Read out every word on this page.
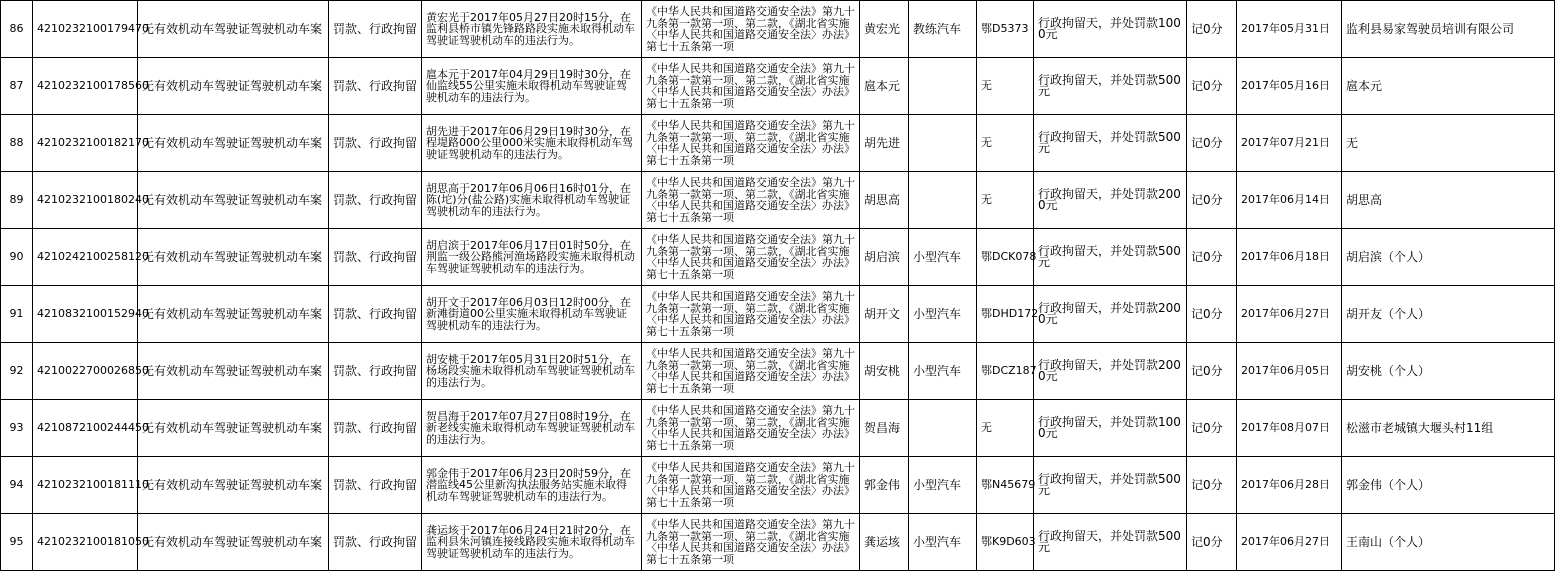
86	4210232100179470	无有效机动车驾驶证驾驶机动车案	罚款、行政拘留	黄宏光于2017年05月27日20时15分，在监利县桥市镇先锋路路段实施未取得机动车驾驶证驾驶机动车的违法行为。	《中华人民共和国道路交通安全法》第九十九条第一款第一项、第二款，《湖北省实施〈中华人民共和国道路交通安全法〉办法》第七十五条第一项	黄宏光	教练汽车	鄂D5373	行政拘留天，并处罚款1000元	记0分	2017年05月31日	监利县易家驾驶员培训有限公司
87	4210232100178560	无有效机动车驾驶证驾驶机动车案	罚款、行政拘留	扈本元于2017年04月29日19时30分，在仙监线55公里实施未取得机动车驾驶证驾驶机动车的违法行为。	《中华人民共和国道路交通安全法》第九十九条第一款第一项、第二款，《湖北省实施〈中华人民共和国道路交通安全法〉办法》第七十五条第一项	扈本元		无	行政拘留天，并处罚款500元	记0分	2017年05月16日	扈本元
88	4210232100182170	无有效机动车驾驶证驾驶机动车案	罚款、行政拘留	胡先进于2017年06月29日19时30分，在程堤路000公里000米实施未取得机动车驾驶证驾驶机动车的违法行为。	《中华人民共和国道路交通安全法》第九十九条第一款第一项、第二款，《湖北省实施〈中华人民共和国道路交通安全法〉办法》第七十五条第一项	胡先进		无	行政拘留天，并处罚款500元	记0分	2017年07月21日	无
89	4210232100180240	无有效机动车驾驶证驾驶机动车案	罚款、行政拘留	胡思高于2017年06月06日16时01分，在陈(坨)分(盐公路)实施未取得机动车驾驶证驾驶机动车的违法行为。	《中华人民共和国道路交通安全法》第九十九条第一款第一项、第二款，《湖北省实施〈中华人民共和国道路交通安全法〉办法》第七十五条第一项	胡思高		无	行政拘留天，并处罚款2000元	记0分	2017年06月14日	胡思高
90	4210242100258120	无有效机动车驾驶证驾驶机动车案	罚款、行政拘留	胡启滨于2017年06月17日01时50分，在荆监一级公路熊河渔场路段实施未取得机动车驾驶证驾驶机动车的违法行为。	《中华人民共和国道路交通安全法》第九十九条第一款第一项、第二款，《湖北省实施〈中华人民共和国道路交通安全法〉办法》第七十五条第一项	胡启滨	小型汽车	鄂DCK078	行政拘留天，并处罚款500元	记0分	2017年06月18日	胡启滨（个人）
91	4210832100152940	无有效机动车驾驶证驾驶机动车案	罚款、行政拘留	胡开文于2017年06月03日12时00分，在新滩街道00公里实施未取得机动车驾驶证驾驶机动车的违法行为。	《中华人民共和国道路交通安全法》第九十九条第一款第一项、第二款，《湖北省实施〈中华人民共和国道路交通安全法〉办法》第七十五条第一项	胡开文	小型汽车	鄂DHD172	行政拘留天，并处罚款2000元	记0分	2017年06月27日	胡开友（个人）
92	4210022700026850	无有效机动车驾驶证驾驶机动车案	罚款、行政拘留	胡安桃于2017年05月31日20时51分，在杨场段实施未取得机动车驾驶证驾驶机动车的违法行为。	《中华人民共和国道路交通安全法》第九十九条第一款第一项、第二款，《湖北省实施〈中华人民共和国道路交通安全法〉办法》第七十五条第一项	胡安桃	小型汽车	鄂DCZ187	行政拘留天，并处罚款2000元	记0分	2017年06月05日	胡安桃（个人）
93	4210872100244450	无有效机动车驾驶证驾驶机动车案	罚款、行政拘留	贺昌海于2017年07月27日08时19分，在新老线实施未取得机动车驾驶证驾驶机动车的违法行为。	《中华人民共和国道路交通安全法》第九十九条第一款第一项、第二款，《湖北省实施〈中华人民共和国道路交通安全法〉办法》第七十五条第一项	贺昌海		无	行政拘留天，并处罚款1000元	记0分	2017年08月07日	松滋市老城镇大堰头村11组
94	4210232100181110	无有效机动车驾驶证驾驶机动车案	罚款、行政拘留	郭金伟于2017年06月23日20时59分，在潜监线45公里新沟执法服务站实施未取得机动车驾驶证驾驶机动车的违法行为。	《中华人民共和国道路交通安全法》第九十九条第一款第一项、第二款，《湖北省实施〈中华人民共和国道路交通安全法〉办法》第七十五条第一项	郭金伟	小型汽车	鄂N45679	行政拘留天，并处罚款500元	记0分	2017年06月28日	郭金伟（个人）
95	4210232100181050	无有效机动车驾驶证驾驶机动车案	罚款、行政拘留	龚运垓于2017年06月24日21时20分，在监利县朱河镇连接线路段实施未取得机动车驾驶证驾驶机动车的违法行为。	《中华人民共和国道路交通安全法》第九十九条第一款第一项、第二款，《湖北省实施〈中华人民共和国道路交通安全法〉办法》第七十五条第一项	龚运垓	小型汽车	鄂K9D603	行政拘留天，并处罚款500元	记0分	2017年06月27日	王南山（个人）
